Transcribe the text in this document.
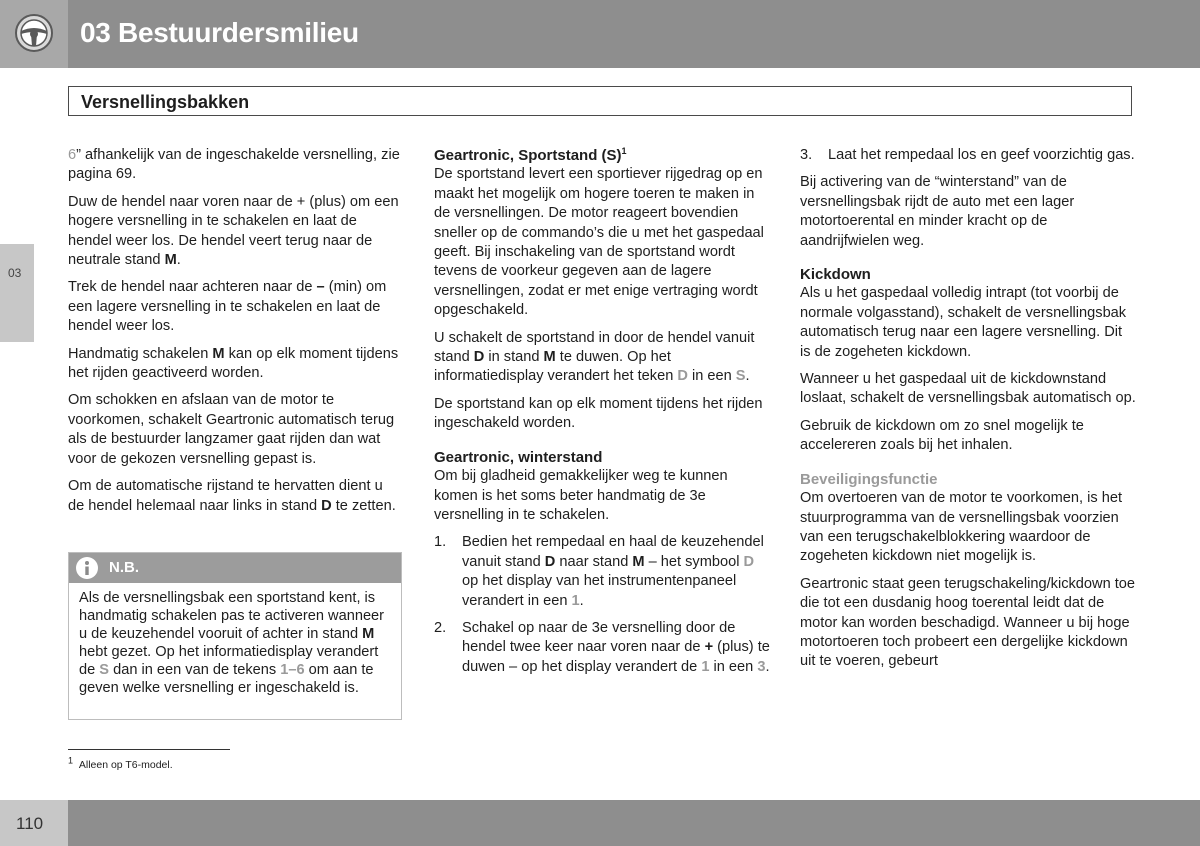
03 Bestuurdersmilieu
Versnellingsbakken
03

6” afhankelijk van de ingeschakelde versnelling, zie pagina 69.

Duw de hendel naar voren naar de + (plus) om een hogere versnelling in te schakelen en laat de hendel weer los. De hendel veert terug naar de neutrale stand M.

Trek de hendel naar achteren naar de – (min) om een lagere versnelling in te schakelen en laat de hendel weer los.

Handmatig schakelen M kan op elk moment tijdens het rijden geactiveerd worden.

Om schokken en afslaan van de motor te voorkomen, schakelt Geartronic automatisch terug als de bestuurder langzamer gaat rijden dan wat voor de gekozen versnelling gepast is.

Om de automatische rijstand te hervatten dient u de hendel helemaal naar links in stand D te zetten.

N.B.
Als de versnellingsbak een sportstand kent, is handmatig schakelen pas te activeren wanneer u de keuzehendel vooruit of achter in stand M hebt gezet. Op het informatiedisplay verandert de S dan in een van de tekens 1–6 om aan te geven welke versnelling er ingeschakeld is.
Geartronic, Sportstand $(S)^1$

De sportstand levert een sportiever rijgedrag op en maakt het mogelijk om hogere toeren te maken in de versnellingen. De motor reageert bovendien sneller op de commando’s die u met het gaspedaal geeft. Bij inschakeling van de sportstand wordt tevens de voorkeur gegeven aan de lagere versnellingen, zodat er met enige vertraging wordt opgeschakeld.

U schakelt de sportstand in door de hendel vanuit stand D in stand M te duwen. Op het informatiedisplay verandert het teken D in een S.

De sportstand kan op elk moment tijdens het rijden ingeschakeld worden.

Geartronic, winterstand

Om bij gladheid gemakkelijker weg te kunnen komen is het soms beter handmatig de 3e versnelling in te schakelen.

1. Bedien het rempedaal en haal de keuzehendel vanuit stand D naar stand M – het symbool D op het display van het instrumentenpaneel verandert in een 1.
2. Schakel op naar de 3e versnelling door de hendel twee keer naar voren naar de + (plus) te duwen – op het display verandert de 1 in een 3.
3. Laat het rempedaal los en geef voorzichtig gas.

Bij activering van de “winterstand” van de versnellingsbak rijdt de auto met een lager motortoerental en minder kracht op de aandrijfwielen weg.

Kickdown

Als u het gaspedaal volledig intrapt (tot voorbij de normale volgasstand), schakelt de versnellingsbak automatisch terug naar een lagere versnelling. Dit is de zogeheten kickdown.

Wanneer u het gaspedaal uit de kickdownstand loslaat, schakelt de versnellingsbak automatisch op.

Gebruik de kickdown om zo snel mogelijk te accelereren zoals bij het inhalen.

Beveiligingsfunctie

Om overtoeren van de motor te voorkomen, is het stuurprogramma van de versnellingsbak voorzien van een terugschakelblokkering waardoor de zogeheten kickdown niet mogelijk is.

Geartronic staat geen terugschakeling/kickdown toe die tot een dusdanig hoog toerental leidt dat de motor kan worden beschadigd. Wanneer u bij hoge motortoeren toch probeert een dergelijke kickdown uit te voeren, gebeurt

$^1$ Alleen op T6-model.
110
